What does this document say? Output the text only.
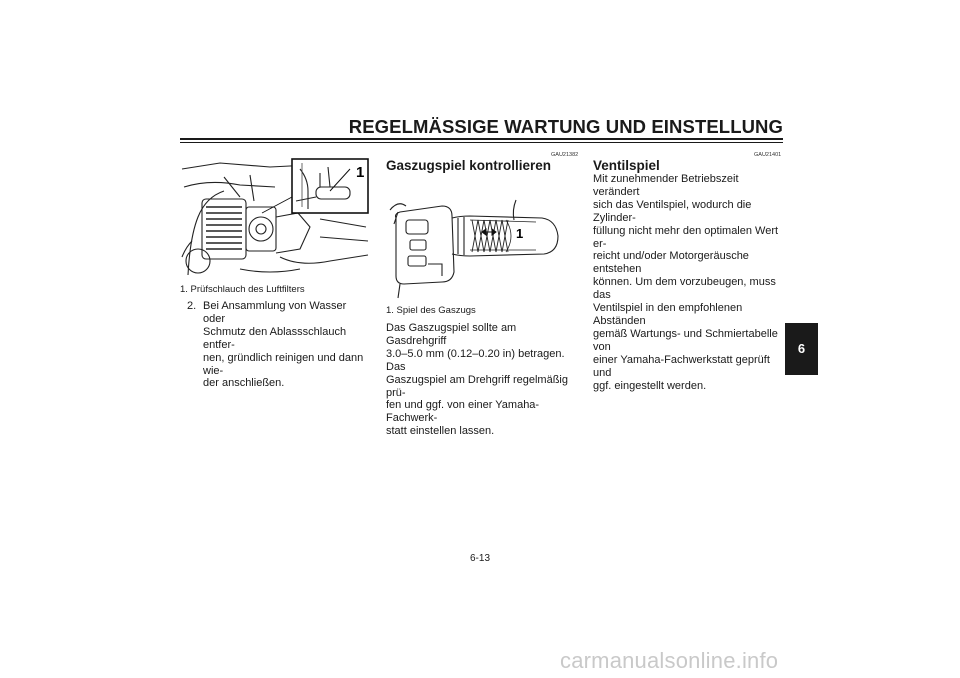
REGELMÄSSIGE WARTUNG UND EINSTELLUNG
1
1. Prüfschlauch des Luftfilters
2. Bei Ansammlung von Wasser oder
Schmutz den Ablassschlauch entfer-
nen, gründlich reinigen und dann wie-
der anschließen.
GAU21382
Gaszugspiel kontrollieren
1
1. Spiel des Gaszugs
Das Gaszugspiel sollte am Gasdrehgriff
3.0–5.0 mm (0.12–0.20 in) betragen. Das
Gaszugspiel am Drehgriff regelmäßig prü-
fen und ggf. von einer Yamaha-Fachwerk-
statt einstellen lassen.
GAU21401
Ventilspiel
Mit zunehmender Betriebszeit verändert
sich das Ventilspiel, wodurch die Zylinder-
füllung nicht mehr den optimalen Wert er-
reicht und/oder Motorgeräusche entstehen
können. Um dem vorzubeugen, muss das
Ventilspiel in den empfohlenen Abständen
gemäß Wartungs- und Schmiertabelle von
einer Yamaha-Fachwerkstatt geprüft und
ggf. eingestellt werden.
6
6-13
carmanualsonline.info
